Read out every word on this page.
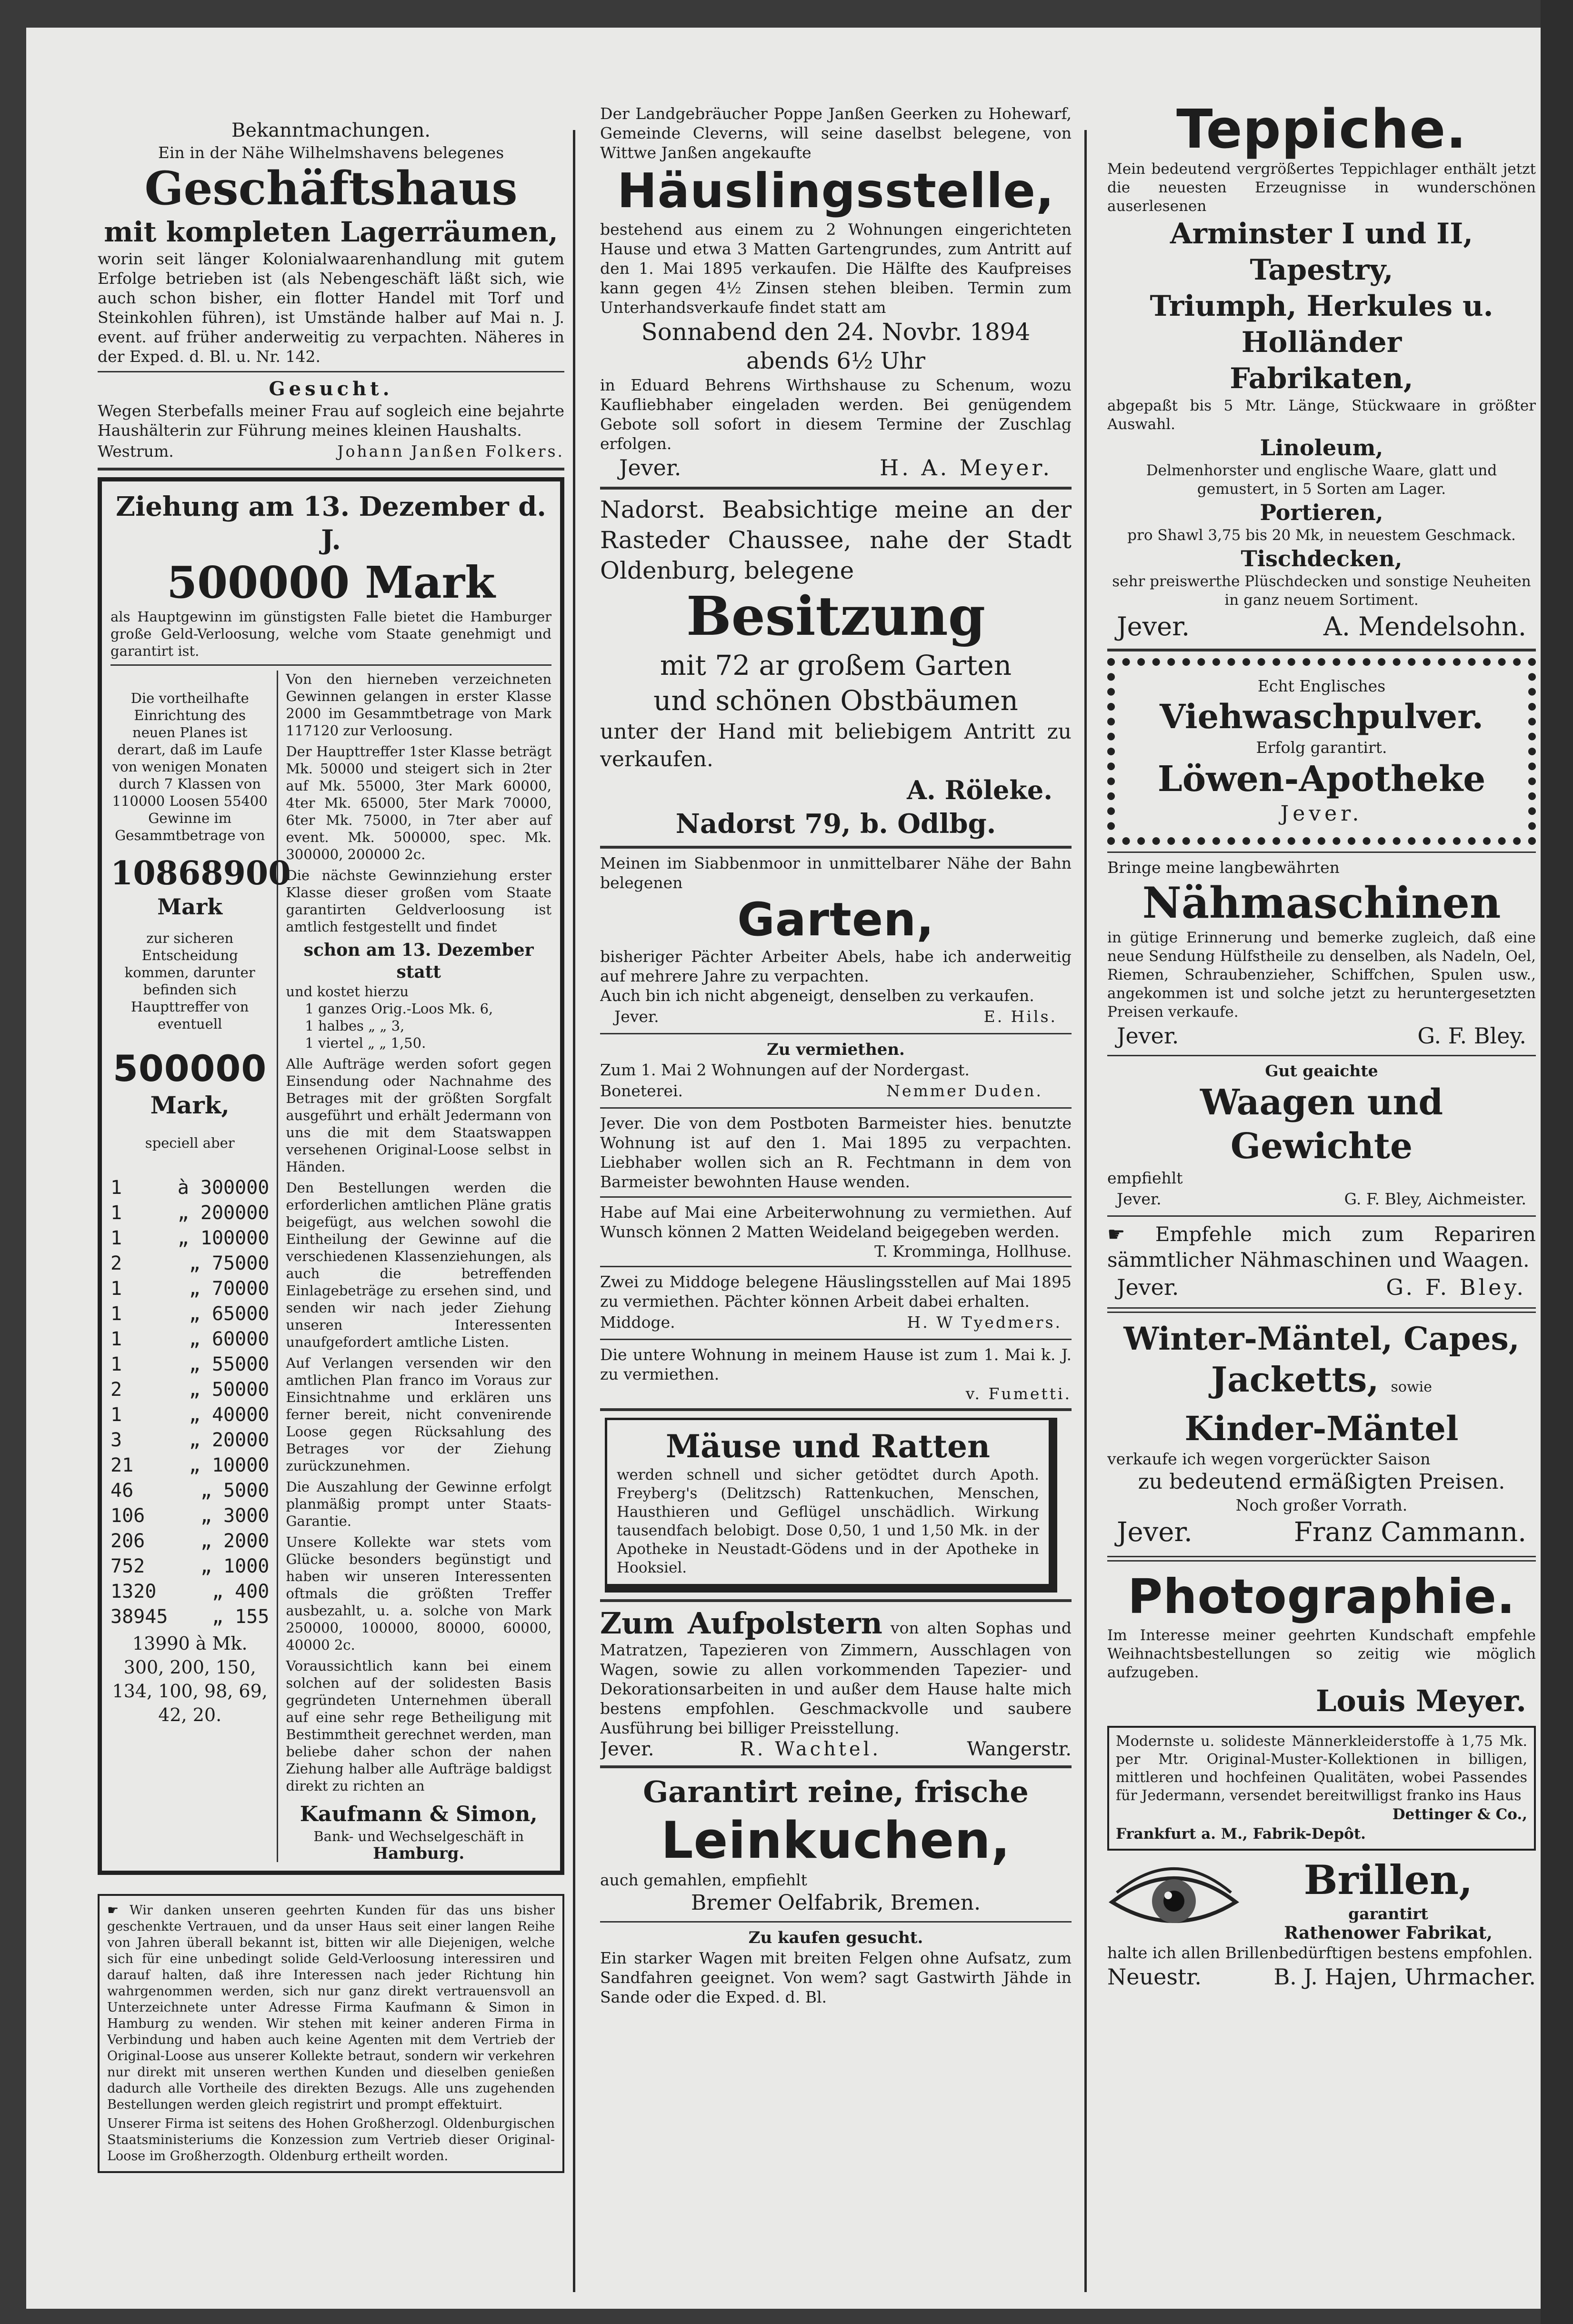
Bekanntmachungen.

Ein in der Nähe Wilhelmshavens belegenes

Geschäftshaus

mit kompleten Lagerräumen,

worin seit länger Kolonialwaarenhandlung mit gutem Erfolge betrieben ist (als Nebengeschäft läßt sich, wie auch schon bisher, ein flotter Handel mit Torf und Steinkohlen führen), ist Umstände halber auf Mai n. J. event. auf früher anderweitig zu verpachten. Näheres in der Exped. d. Bl. u. Nr. 142.

Gesucht.

Wegen Sterbefalls meiner Frau auf sogleich eine bejahrte Haushälterin zur Führung meines kleinen Haushalts.

Westrum.	Johann Janßen Folkers.

Ziehung am 13. Dezember d. J.

500000 Mark

als Hauptgewinn im günstigsten Falle bietet die Hamburger große Geld-Verloosung, welche vom Staate genehmigt und garantirt ist.

Die vortheilhafte Einrichtung des neuen Planes ist derart, daß im Laufe von wenigen Monaten durch 7 Klassen von 110000 Loosen 55400 Gewinne im Gesammtbetrage von

10868900

Mark

zur sicheren Entscheidung kommen, darunter befinden sich Haupttreffer von eventuell

500000

Mark,

speciell aber

1	à 300000
1	„ 200000
1	„ 100000
2	„ 75000
1	„ 70000
1	„ 65000
1	„ 60000
1	„ 55000
2	„ 50000
1	„ 40000
3	„ 20000
21	„ 10000
46	„ 5000
106	„ 3000
206	„ 2000
752	„ 1000
1320	„ 400
38945 „ 155

13990 à Mk. 300, 200, 150, 134, 100, 98, 69, 42, 20.

Von den hierneben verzeichneten Gewinnen gelangen in erster Klasse 2000 im Gesammtbetrage von Mark 117120 zur Verloosung.

Der Haupttreffer 1ster Klasse beträgt Mk. 50000 und steigert sich in 2ter auf Mk. 55000, 3ter Mark 60000, 4ter Mk. 65000, 5ter Mark 70000, 6ter Mk. 75000, in 7ter aber auf event. Mk. 500000, spec. Mk. 300000, 200000 2c.

Die nächste Gewinnziehung erster Klasse dieser großen vom Staate garantirten Geldverloosung ist amtlich festgestellt und findet

schon am 13. Dezember statt

und kostet hierzu

1 ganzes Orig.-Loos Mk. 6,

1 halbes „ „ 3,

1 viertel „ „ 1,50.

Alle Aufträge werden sofort gegen Einsendung oder Nachnahme des Betrages mit der größten Sorgfalt ausgeführt und erhält Jedermann von uns die mit dem Staatswappen versehenen Original-Loose selbst in Händen.

Den Bestellungen werden die erforderlichen amtlichen Pläne gratis beigefügt, aus welchen sowohl die Eintheilung der Gewinne auf die verschiedenen Klassenziehungen, als auch die betreffenden Einlagebeträge zu ersehen sind, und senden wir nach jeder Ziehung unseren Interessenten unaufgefordert amtliche Listen.

Auf Verlangen versenden wir den amtlichen Plan franco im Voraus zur Einsichtnahme und erklären uns ferner bereit, nicht convenirende Loose gegen Rücksahlung des Betrages vor der Ziehung zurückzunehmen.

Die Auszahlung der Gewinne erfolgt planmäßig prompt unter Staats-Garantie.

Unsere Kollekte war stets vom Glücke besonders begünstigt und haben wir unseren Interessenten oftmals die größten Treffer ausbezahlt, u. a. solche von Mark 250000, 100000, 80000, 60000, 40000 2c.

Voraussichtlich kann bei einem solchen auf der solidesten Basis gegründeten Unternehmen überall auf eine sehr rege Betheiligung mit Bestimmtheit gerechnet werden, man beliebe daher schon der nahen Ziehung halber alle Aufträge baldigst direkt zu richten an

Kaufmann & Simon,

Bank- und Wechselgeschäft in

Hamburg.

☛ Wir danken unseren geehrten Kunden für das uns bisher geschenkte Vertrauen, und da unser Haus seit einer langen Reihe von Jahren überall bekannt ist, bitten wir alle Diejenigen, welche sich für eine unbedingt solide Geld-Verloosung interessiren und darauf halten, daß ihre Interessen nach jeder Richtung hin wahrgenommen werden, sich nur ganz direkt vertrauensvoll an Unterzeichnete unter Adresse Firma Kaufmann & Simon in Hamburg zu wenden. Wir stehen mit keiner anderen Firma in Verbindung und haben auch keine Agenten mit dem Vertrieb der Original-Loose aus unserer Kollekte betraut, sondern wir verkehren nur direkt mit unseren werthen Kunden und dieselben genießen dadurch alle Vortheile des direkten Bezugs. Alle uns zugehenden Bestellungen werden gleich registrirt und prompt effektuirt.

Unserer Firma ist seitens des Hohen Großherzogl. Oldenburgischen Staatsministeriums die Konzession zum Vertrieb dieser Original-Loose im Großherzogth. Oldenburg ertheilt worden.

Der Landgebräucher Poppe Janßen Geerken zu Hohewarf, Gemeinde Cleverns, will seine daselbst belegene, von Wittwe Janßen angekaufte

Häuslingsstelle,

bestehend aus einem zu 2 Wohnungen eingerichteten Hause und etwa 3 Matten Gartengrundes, zum Antritt auf den 1. Mai 1895 verkaufen. Die Hälfte des Kaufpreises kann gegen 4½ Zinsen stehen bleiben. Termin zum Unterhandsverkaufe findet statt am

Sonnabend den 24. Novbr. 1894

abends 6½ Uhr

in Eduard Behrens Wirthshause zu Schenum, wozu Kaufliebhaber eingeladen werden. Bei genügendem Gebote soll sofort in diesem Termine der Zuschlag erfolgen.

Jever.	H. A. Meyer.

Nadorst. Beabsichtige meine an der Rasteder Chaussee, nahe der Stadt Oldenburg, belegene

Besitzung

mit 72 ar großem Garten

und schönen Obstbäumen

unter der Hand mit beliebigem Antritt zu verkaufen.

A. Röleke.

Nadorst 79, b. Odlbg.

Meinen im Siabbenmoor in unmittelbarer Nähe der Bahn belegenen

Garten,

bisheriger Pächter Arbeiter Abels, habe ich anderweitig auf mehrere Jahre zu verpachten.

Auch bin ich nicht abgeneigt, denselben zu verkaufen.

Jever.	E. Hils.

Zu vermiethen.

Zum 1. Mai 2 Wohnungen auf der Nordergast.

Boneterei.	Nemmer Duden.

Jever. Die von dem Postboten Barmeister hies. benutzte Wohnung ist auf den 1. Mai 1895 zu verpachten. Liebhaber wollen sich an R. Fechtmann in dem von Barmeister bewohnten Hause wenden.

Habe auf Mai eine Arbeiterwohnung zu vermiethen. Auf Wunsch können 2 Matten Weideland beigegeben werden.

T. Kromminga, Hollhuse.

Zwei zu Middoge belegene Häuslingsstellen auf Mai 1895 zu vermiethen. Pächter können Arbeit dabei erhalten.

Middoge.	H. W Tyedmers.

Die untere Wohnung in meinem Hause ist zum 1. Mai k. J. zu vermiethen.

v. Fumetti.

Mäuse und Ratten

werden schnell und sicher getödtet durch Apoth. Freyberg's (Delitzsch) Rattenkuchen, Menschen, Hausthieren und Geflügel unschädlich. Wirkung tausendfach belobigt. Dose 0,50, 1 und 1,50 Mk. in der Apotheke in Neustadt-Gödens und in der Apotheke in Hooksiel.

Zum Aufpolstern von alten Sophas und Matratzen, Tapezieren von Zimmern, Ausschlagen von Wagen, sowie zu allen vorkommenden Tapezier- und Dekorationsarbeiten in und außer dem Hause halte mich bestens empfohlen. Geschmackvolle und saubere Ausführung bei billiger Preisstellung.

Jever.	R. Wachtel.	Wangerstr.

Garantirt reine, frische

Leinkuchen,

auch gemahlen, empfiehlt

Bremer Oelfabrik, Bremen.

Zu kaufen gesucht.

Ein starker Wagen mit breiten Felgen ohne Aufsatz, zum Sandfahren geeignet. Von wem? sagt Gastwirth Jähde in Sande oder die Exped. d. Bl.

Teppiche.

Mein bedeutend vergrößertes Teppichlager enthält jetzt die neuesten Erzeugnisse in wunderschönen auserlesenen

Arminster I und II, Tapestry,

Triumph, Herkules u. Holländer

Fabrikaten,

abgepaßt bis 5 Mtr. Länge, Stückwaare in größter Auswahl.

Linoleum,

Delmenhorster und englische Waare, glatt und gemustert, in 5 Sorten am Lager.

Portieren,

pro Shawl 3,75 bis 20 Mk, in neuestem Geschmack.

Tischdecken,

sehr preiswerthe Plüschdecken und sonstige Neuheiten in ganz neuem Sortiment.

Jever.	A. Mendelsohn.

Echt Englisches

Viehwaschpulver.

Erfolg garantirt.

Löwen-Apotheke

Jever.

Bringe meine langbewährten

Nähmaschinen

in gütige Erinnerung und bemerke zugleich, daß eine neue Sendung Hülfstheile zu denselben, als Nadeln, Oel, Riemen, Schraubenzieher, Schiffchen, Spulen usw., angekommen ist und solche jetzt zu heruntergesetzten Preisen verkaufe.

Jever.	G. F. Bley.

Gut geaichte

Waagen und Gewichte

empfiehlt

Jever.	G. F. Bley, Aichmeister.

☛ Empfehle mich zum Repariren sämmtlicher Nähmaschinen und Waagen.

Jever.	G. F. Bley.

Winter-Mäntel, Capes,

Jacketts, sowie

Kinder-Mäntel

verkaufe ich wegen vorgerückter Saison

zu bedeutend ermäßigten Preisen.

Noch großer Vorrath.

Jever.	Franz Cammann.

Photographie.

Im Interesse meiner geehrten Kundschaft empfehle Weihnachtsbestellungen so zeitig wie möglich aufzugeben.

Louis Meyer.

Modernste u. solideste Männerkleiderstoffe à 1,75 Mk. per Mtr. Original-Muster-Kollektionen in billigen, mittleren und hochfeinen Qualitäten, wobei Passendes für Jedermann, versendet bereitwilligst franko ins Haus

Dettinger & Co.,

Frankfurt a. M., Fabrik-Depôt.

Brillen,

garantirt

Rathenower Fabrikat,

halte ich allen Brillenbedürftigen bestens empfohlen.

Neuestr.	B. J. Hajen, Uhrmacher.
